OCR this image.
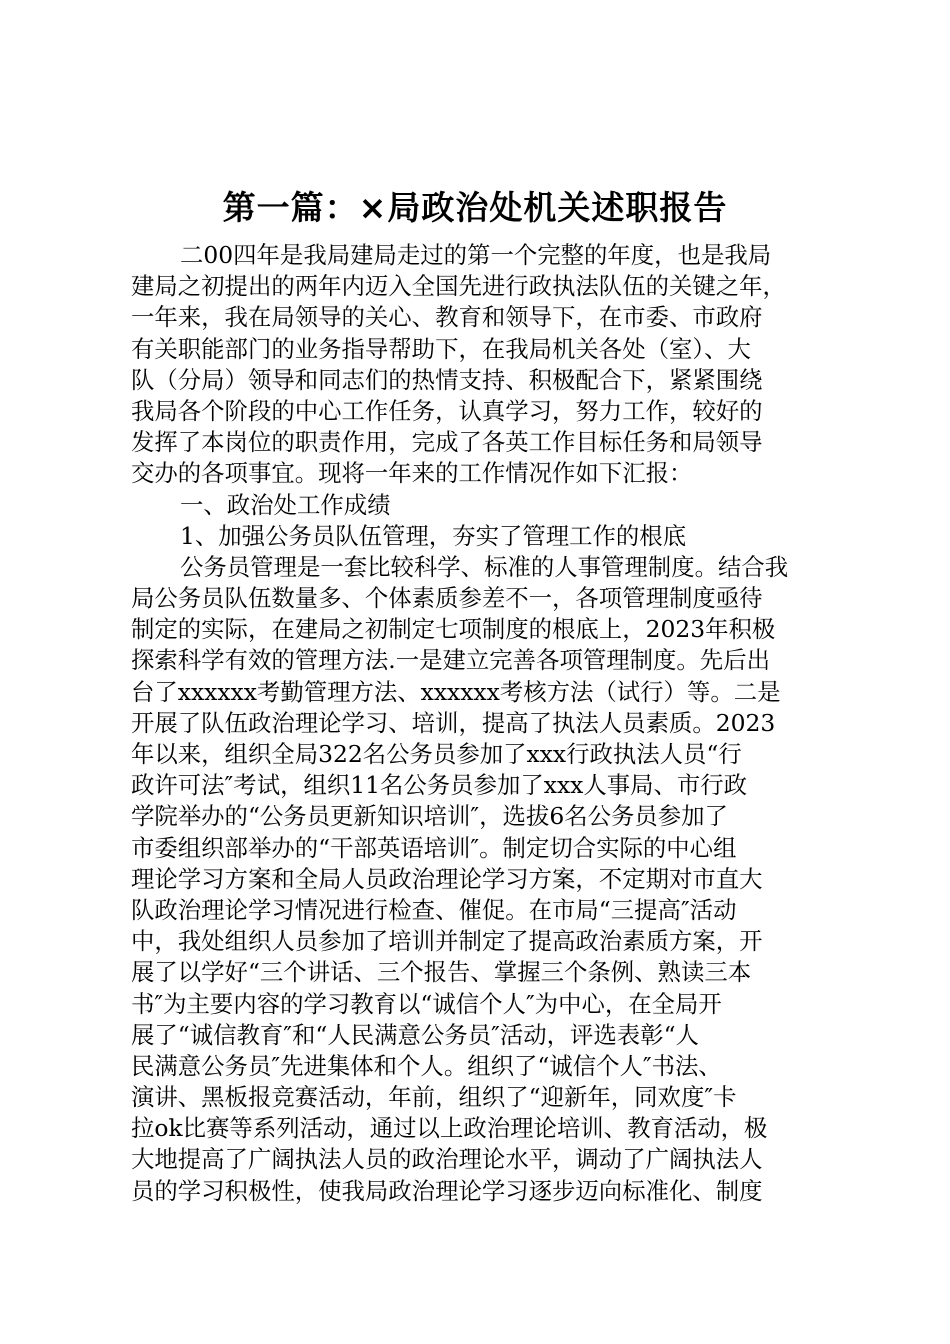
第一篇：×局政治处机关述职报告
二00四年是我局建局走过的第一个完整的年度，也是我局
建局之初提出的两年内迈入全国先进行政执法队伍的关键之年，
一年来，我在局领导的关心、教育和领导下，在市委、市政府
有关职能部门的业务指导帮助下，在我局机关各处（室）、大
队（分局）领导和同志们的热情支持、积极配合下，紧紧围绕
我局各个阶段的中心工作任务，认真学习，努力工作，较好的
发挥了本岗位的职责作用，完成了各英工作目标任务和局领导
交办的各项事宜。现将一年来的工作情况作如下汇报：
一、政治处工作成绩
1、加强公务员队伍管理，夯实了管理工作的根底
公务员管理是一套比较科学、标准的人事管理制度。结合我
局公务员队伍数量多、个体素质参差不一，各项管理制度亟待
制定的实际，在建局之初制定七项制度的根底上，2023年积极
探索科学有效的管理方法.一是建立完善各项管理制度。先后出
台了xxxxxx考勤管理方法、xxxxxx考核方法（试行）等。二是
开展了队伍政治理论学习、培训，提高了执法人员素质。2023
年以来，组织全局322名公务员参加了xxx行政执法人员“行
政许可法″考试，组织11名公务员参加了xxx人事局、市行政
学院举办的“公务员更新知识培训″，选拔6名公务员参加了
市委组织部举办的“干部英语培训″。制定切合实际的中心组
理论学习方案和全局人员政治理论学习方案，不定期对市直大
队政治理论学习情况进行检查、催促。在市局“三提高″活动
中，我处组织人员参加了培训并制定了提高政治素质方案，开
展了以学好“三个讲话、三个报告、掌握三个条例、熟读三本
书″为主要内容的学习教育以“诚信个人″为中心，在全局开
展了“诚信教育″和“人民满意公务员″活动，评选表彰“人
民满意公务员″先进集体和个人。组织了“诚信个人″书法、
演讲、黑板报竞赛活动，年前，组织了“迎新年，同欢度″卡
拉ok比赛等系列活动，通过以上政治理论培训、教育活动，极
大地提高了广阔执法人员的政治理论水平，调动了广阔执法人
员的学习积极性，使我局政治理论学习逐步迈向标准化、制度
